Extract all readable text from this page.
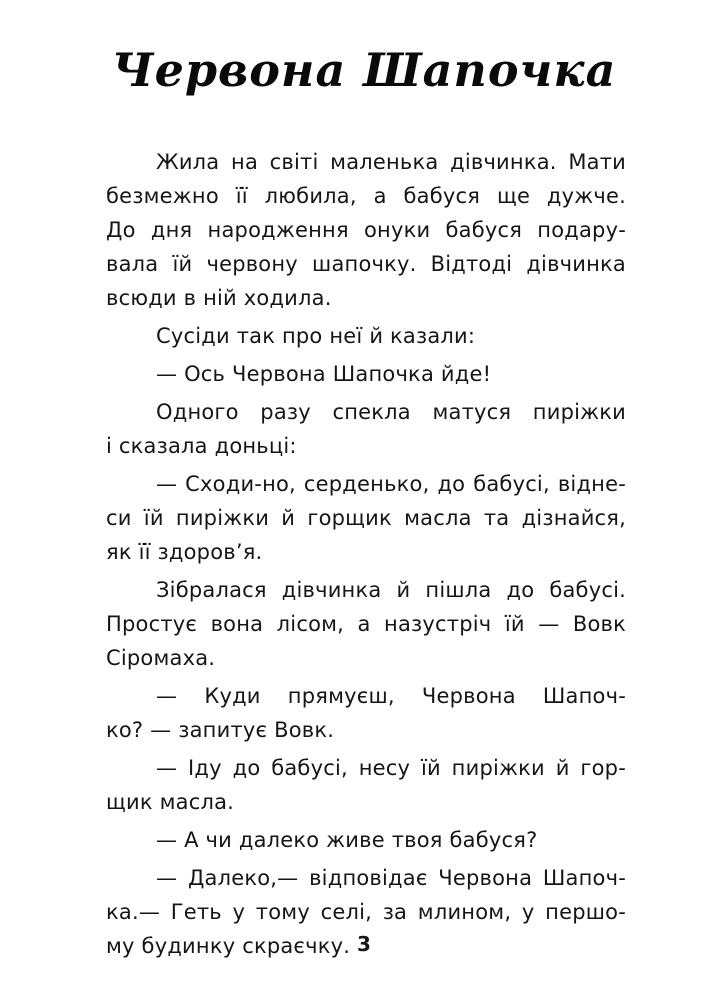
Червона Шапочка
Жила на світі маленька дівчинка. Мати
безмежно її любила, а бабуся ще дужче.
До дня народження онуки бабуся подару-
вала їй червону шапочку. Відтоді дівчинка
всюди в ній ходила.
Сусіди так про неї й казали:
— Ось Червона Шапочка йде!
Одного разу спекла матуся пиріжки
і сказала доньці:
— Сходи-но, серденько, до бабусі, відне-
си їй пиріжки й горщик масла та дізнайся,
як її здоров’я.
Зібралася дівчинка й пішла до бабусі.
Простує вона лісом, а назустріч їй — Вовк
Сіромаха.
— Куди прямуєш, Червона Шапоч-
ко? — запитує Вовк.
— Іду до бабусі, несу їй пиріжки й гор-
щик масла.
— А чи далеко живе твоя бабуся?
— Далеко,— відповідає Червона Шапоч-
ка.— Геть у тому селі, за млином, у першо-
му будинку скраєчку. 3
